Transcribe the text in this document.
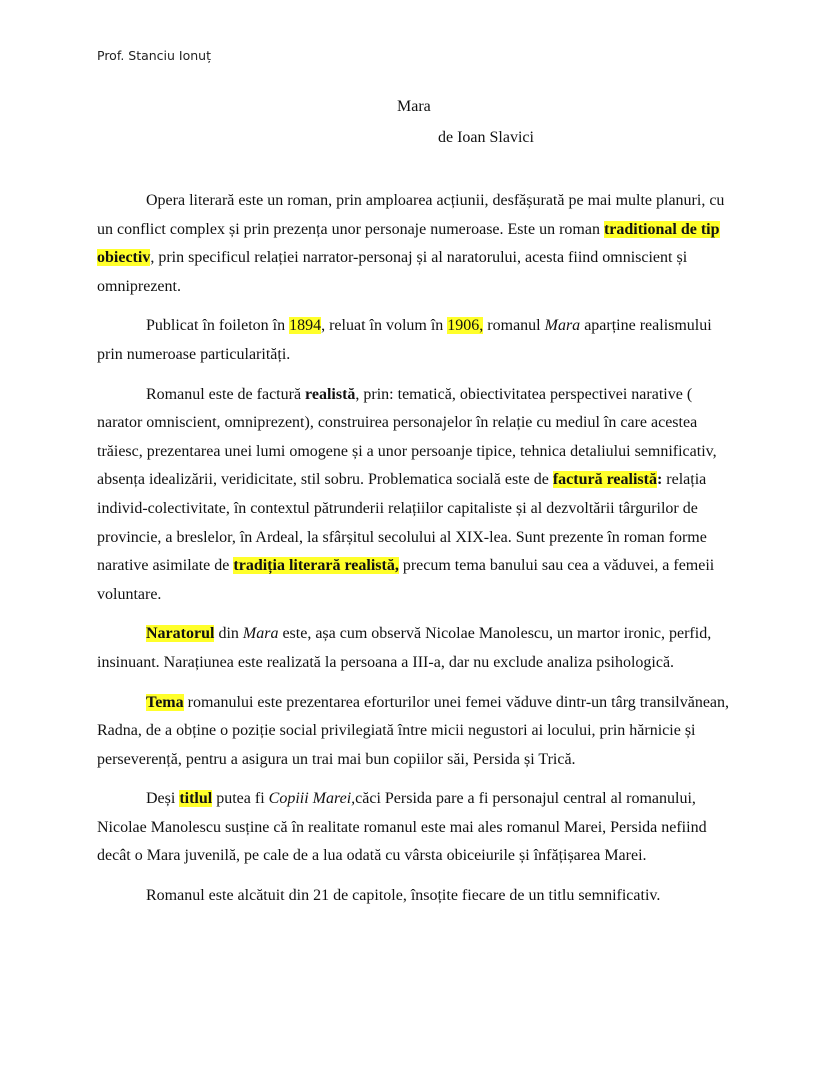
Prof. Stanciu Ionuț
Mara
de Ioan Slavici

Opera literară este un roman, prin amploarea acțiunii, desfășurată pe mai multe planuri, cu un conflict complex și prin prezența unor personaje numeroase. Este un roman traditional de tip obiectiv, prin specificul relației narrator-personaj și al naratorului, acesta fiind omniscient și omniprezent.

Publicat în foileton în 1894, reluat în volum în 1906, romanul Mara aparține realismului prin numeroase particularități.

Romanul este de factură realistă, prin: tematică, obiectivitatea perspectivei narative ( narator omniscient, omniprezent), construirea personajelor în relație cu mediul în care acestea trăiesc, prezentarea unei lumi omogene și a unor persoanje tipice, tehnica detaliului semnificativ, absența idealizării, veridicitate, stil sobru. Problematica socială este de factură realistă: relația individ-colectivitate, în contextul pătrunderii relațiilor capitaliste și al dezvoltării târgurilor de provincie, a breslelor, în Ardeal, la sfârșitul secolului al XIX-lea. Sunt prezente în roman forme narative asimilate de tradiția literară realistă, precum tema banului sau cea a văduvei, a femeii voluntare.

Naratorul din Mara este, așa cum observă Nicolae Manolescu, un martor ironic, perfid, insinuant. Narațiunea este realizată la persoana a III-a, dar nu exclude analiza psihologică.

Tema romanului este prezentarea eforturilor unei femei văduve dintr-un târg transilvănean, Radna, de a obține o poziție social privilegiată între micii negustori ai locului, prin hărnicie și perseverență, pentru a asigura un trai mai bun copiilor săi, Persida și Trică.

Deși titlul putea fi Copiii Marei,căci Persida pare a fi personajul central al romanului, Nicolae Manolescu susține că în realitate romanul este mai ales romanul Marei, Persida nefiind decât o Mara juvenilă, pe cale de a lua odată cu vârsta obiceiurile și înfățișarea Marei.

Romanul este alcătuit din 21 de capitole, însoțite fiecare de un titlu semnificativ.
